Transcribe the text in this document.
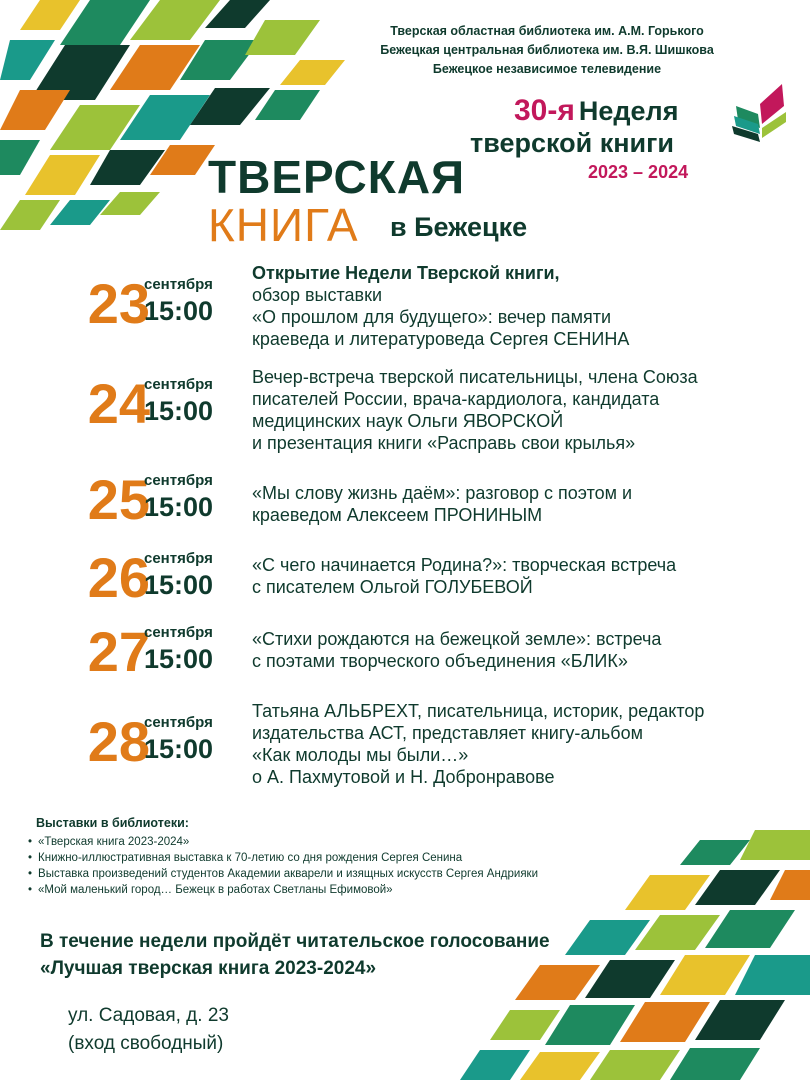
Тверская областная библиотека им. А.М. Горького
Бежецкая центральная библиотека им. В.Я. Шишкова
Бежецкое независимое телевидение
30-я Неделя
тверской книги
2023 – 2024
ТВЕРСКАЯ
КНИГА в Бежецке
23
сентября
15:00
Открытие Недели Тверской книги,
обзор выставки
«О прошлом для будущего»: вечер памяти
краеведа и литературоведа Сергея СЕНИНА
24
сентября
15:00
Вечер-встреча тверской писательницы, члена Союза
писателей России, врача-кардиолога, кандидата
медицинских наук Ольги ЯВОРСКОЙ
и презентация книги «Расправь свои крылья»
25
сентября
15:00 «Мы слову жизнь даём»: разговор с поэтом и
краеведом Алексеем ПРОНИНЫМ
26
сентября
15:00
«С чего начинается Родина?»: творческая встреча
с писателем Ольгой ГОЛУБЕВОЙ
27
сентября
15:00
«Стихи рождаются на бежецкой земле»: встреча
с поэтами творческого объединения «БЛИК»
28
сентября
15:00
Татьяна АЛЬБРЕХТ, писательница, историк, редактор
издательства АСТ, представляет книгу-альбом
«Как молоды мы были…»
о А. Пахмутовой и Н. Добронравове
Выставки в библиотеки:
• «Тверская книга 2023-2024»
• Книжно-иллюстративная выставка к 70-летию со дня рождения Сергея Сенина
• Выставка произведений студентов Академии акварели и изящных искусств Сергея Андрияки
• «Мой маленький город… Бежецк в работах Светланы Ефимовой»
В течение недели пройдёт читательское голосование
«Лучшая тверская книга 2023-2024»
ул. Садовая, д. 23
(вход свободный)
